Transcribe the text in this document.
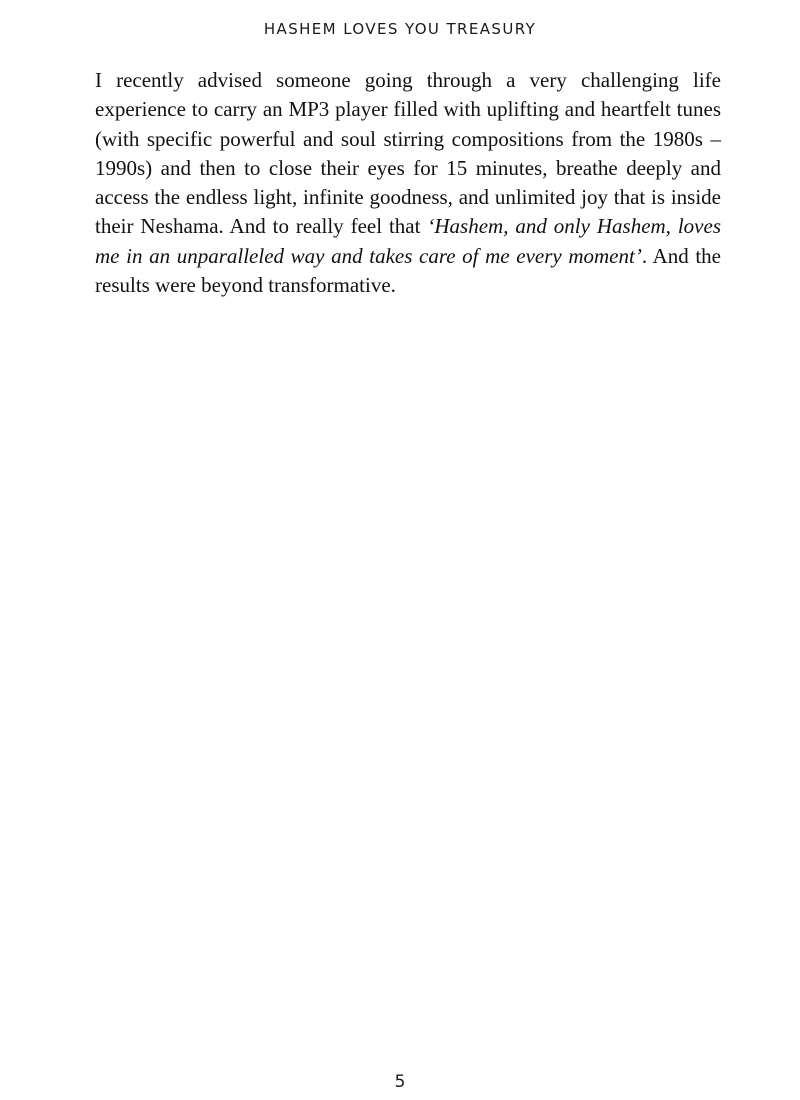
HASHEM LOVES YOU TREASURY

I recently advised someone going through a very challenging life experience to carry an MP3 player filled with uplifting and heartfelt tunes (with specific powerful and soul stirring compositions from the 1980s – 1990s) and then to close their eyes for 15 minutes, breathe deeply and access the endless light, infinite goodness, and unlimited joy that is inside their Neshama. And to really feel that ‘Hashem, and only Hashem, loves me in an unparalleled way and takes care of me every moment’. And the results were beyond transformative.

5
